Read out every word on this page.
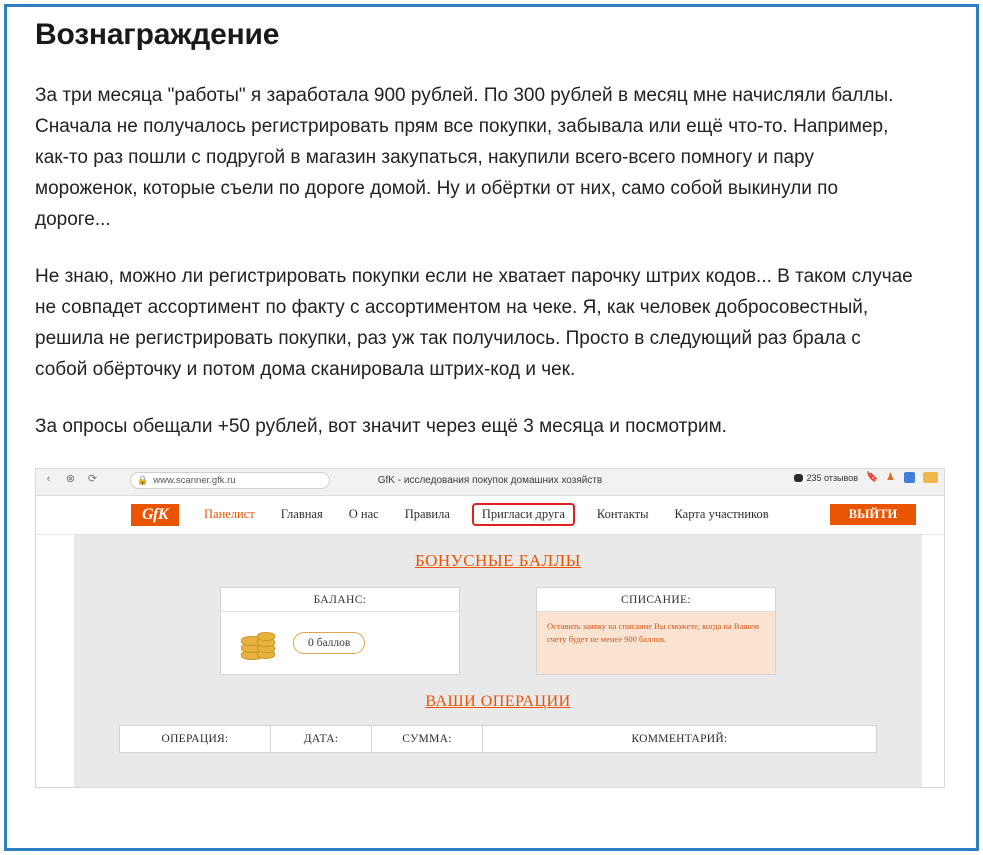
Вознаграждение

За три месяца "работы" я заработала 900 рублей. По 300 рублей в месяц мне начисляли баллы. Сначала не получалось регистрировать прям все покупки, забывала или ещё что-то. Например, как-то раз пошли с подругой в магазин закупаться, накупили всего-всего помногу и пару мороженок, которые съели по дороге домой. Ну и обёртки от них, само собой выкинули по дороге...

Не знаю, можно ли регистрировать покупки если не хватает парочку штрих кодов... В таком случае не совпадет ассортимент по факту с ассортиментом на чеке. Я, как человек добросовестный, решила не регистрировать покупки, раз уж так получилось. Просто в следующий раз брала с собой обёрточку и потом дома сканировала штрих-код и чек.

За опросы обещали +50 рублей, вот значит через ещё 3 месяца и посмотрим.

‹	⊗ ⟳	🔒 www.scanner.gfk.ru	GfK - исследования покупок домашних хозяйств	235 отзывов 🔖 ♟
GfK	Панелист Главная О нас Правила	Пригласи друга	Контакты Карта участников	ВЫЙТИ
БОНУСНЫЕ БАЛЛЫ
БАЛАНС:
0 баллов
СПИСАНИЕ:
Оставить заявку на списание Вы сможете, когда на Вашем счету будет не менее 900 баллов.
ВАШИ ОПЕРАЦИИ
ОПЕРАЦИЯ:	ДАТА:	СУММА:	КОММЕНТАРИЙ:
